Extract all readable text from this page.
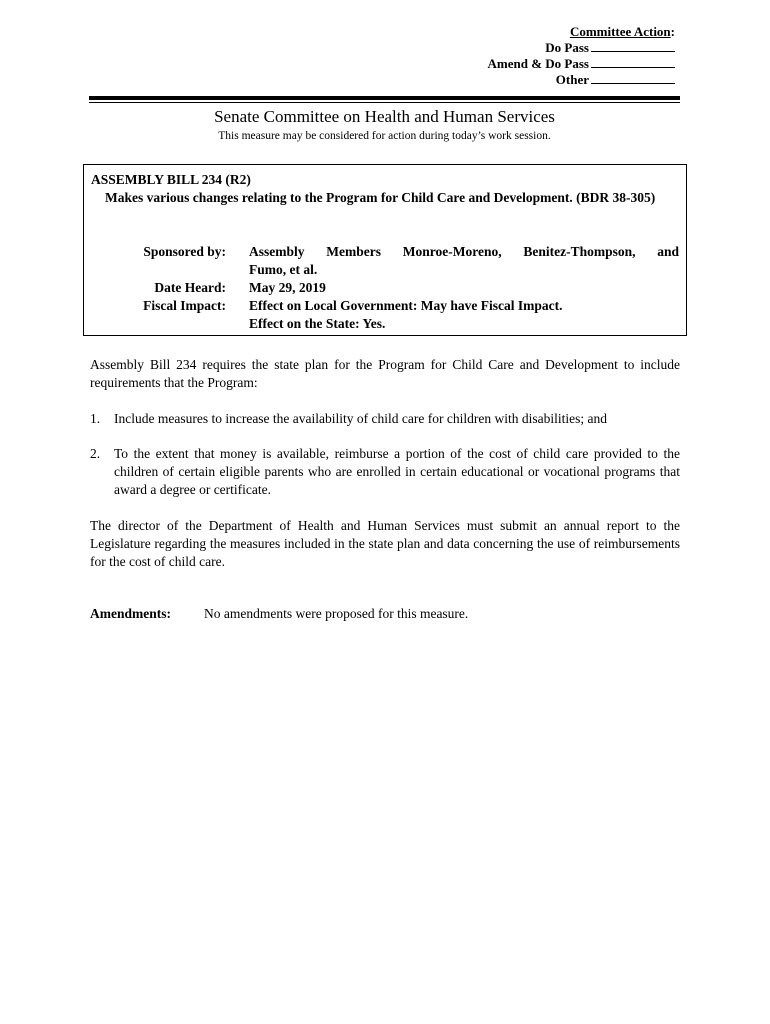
Committee Action:
Do Pass
Amend & Do Pass
Other
Senate Committee on Health and Human Services
This measure may be considered for action during today’s work session.
ASSEMBLY BILL 234 (R2)
Makes various changes relating to the Program for Child Care and Development. (BDR 38-305)
Sponsored by: Assembly Members Monroe-Moreno, Benitez-Thompson, and
Fumo, et al.
Date Heard: May 29, 2019
Fiscal Impact: Effect on Local Government: May have Fiscal Impact.
Effect on the State: Yes.
Assembly Bill 234 requires the state plan for the Program for Child Care and Development to include requirements that the Program:
1. Include measures to increase the availability of child care for children with disabilities; and
2. To the extent that money is available, reimburse a portion of the cost of child care provided to the children of certain eligible parents who are enrolled in certain educational or vocational programs that award a degree or certificate.
The director of the Department of Health and Human Services must submit an annual report to the Legislature regarding the measures included in the state plan and data concerning the use of reimbursements for the cost of child care.
Amendments: No amendments were proposed for this measure.
